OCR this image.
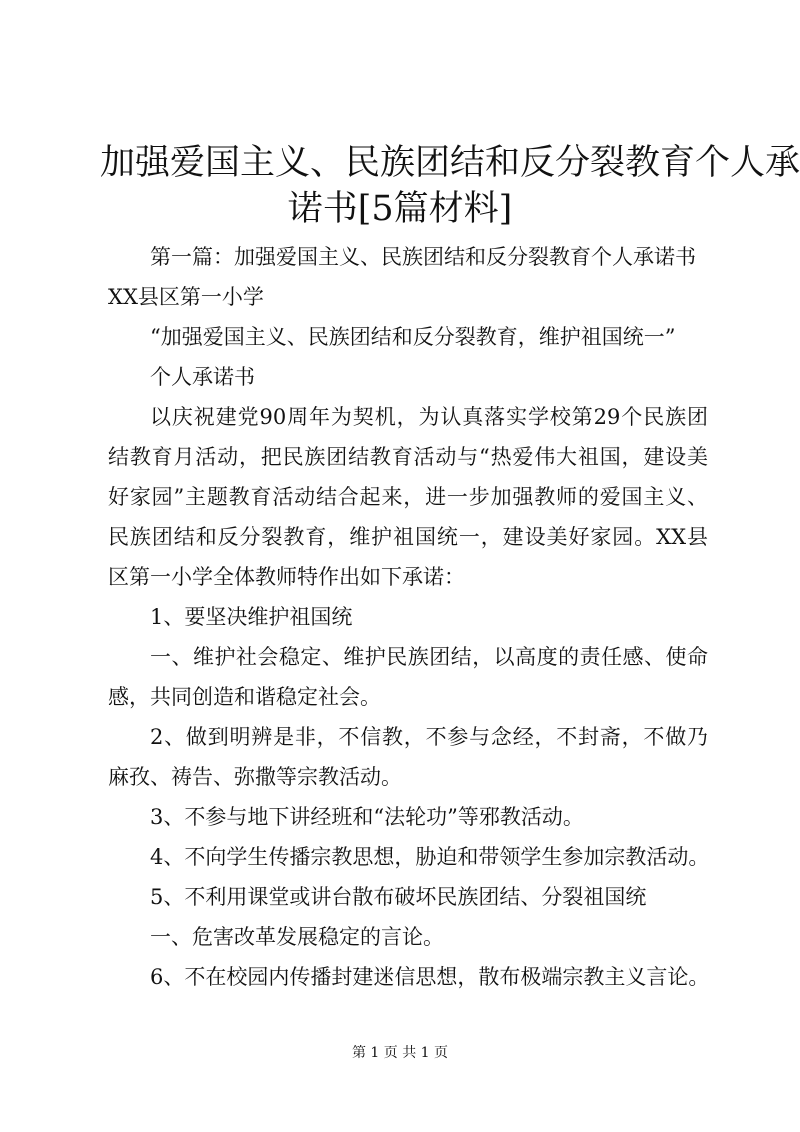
加强爱国主义、民族团结和反分裂教育个人承
诺书[5篇材料]

第一篇：加强爱国主义、民族团结和反分裂教育个人承诺书

XX县区第一小学

“加强爱国主义、民族团结和反分裂教育，维护祖国统一”

个人承诺书

以庆祝建党90周年为契机，为认真落实学校第29个民族团

结教育月活动，把民族团结教育活动与“热爱伟大祖国，建设美

好家园”主题教育活动结合起来，进一步加强教师的爱国主义、

民族团结和反分裂教育，维护祖国统一，建设美好家园。XX县

区第一小学全体教师特作出如下承诺：

1、要坚决维护祖国统

一、维护社会稳定、维护民族团结，以高度的责任感、使命

感，共同创造和谐稳定社会。

2、做到明辨是非，不信教，不参与念经，不封斋，不做乃

麻孜、祷告、弥撒等宗教活动。

3、不参与地下讲经班和“法轮功”等邪教活动。

4、不向学生传播宗教思想，胁迫和带领学生参加宗教活动。

5、不利用课堂或讲台散布破坏民族团结、分裂祖国统

一、危害改革发展稳定的言论。

6、不在校园内传播封建迷信思想，散布极端宗教主义言论。

第 1 页 共 1 页
